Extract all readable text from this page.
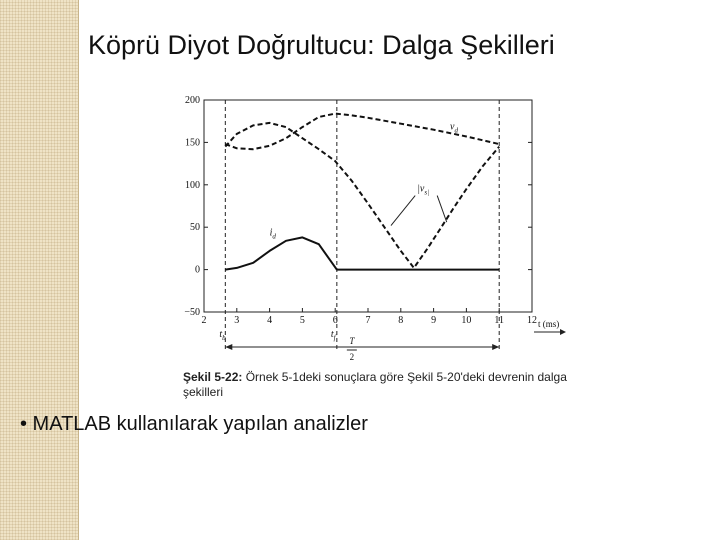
Köprü Diyot Doğrultucu: Dalga Şekilleri
−50
0
50
100
150
200
2	3	4	5	6	7	8	9	10 11 12 t (ms)
$t_b$	$t_f$ T
2
$v_d$
$|v_{s|}$
$i_d$
Şekil 5-22: Örnek 5-1deki sonuçlara göre Şekil 5-20'deki devrenin dalga şekilleri
• MATLAB kullanılarak yapılan analizler
